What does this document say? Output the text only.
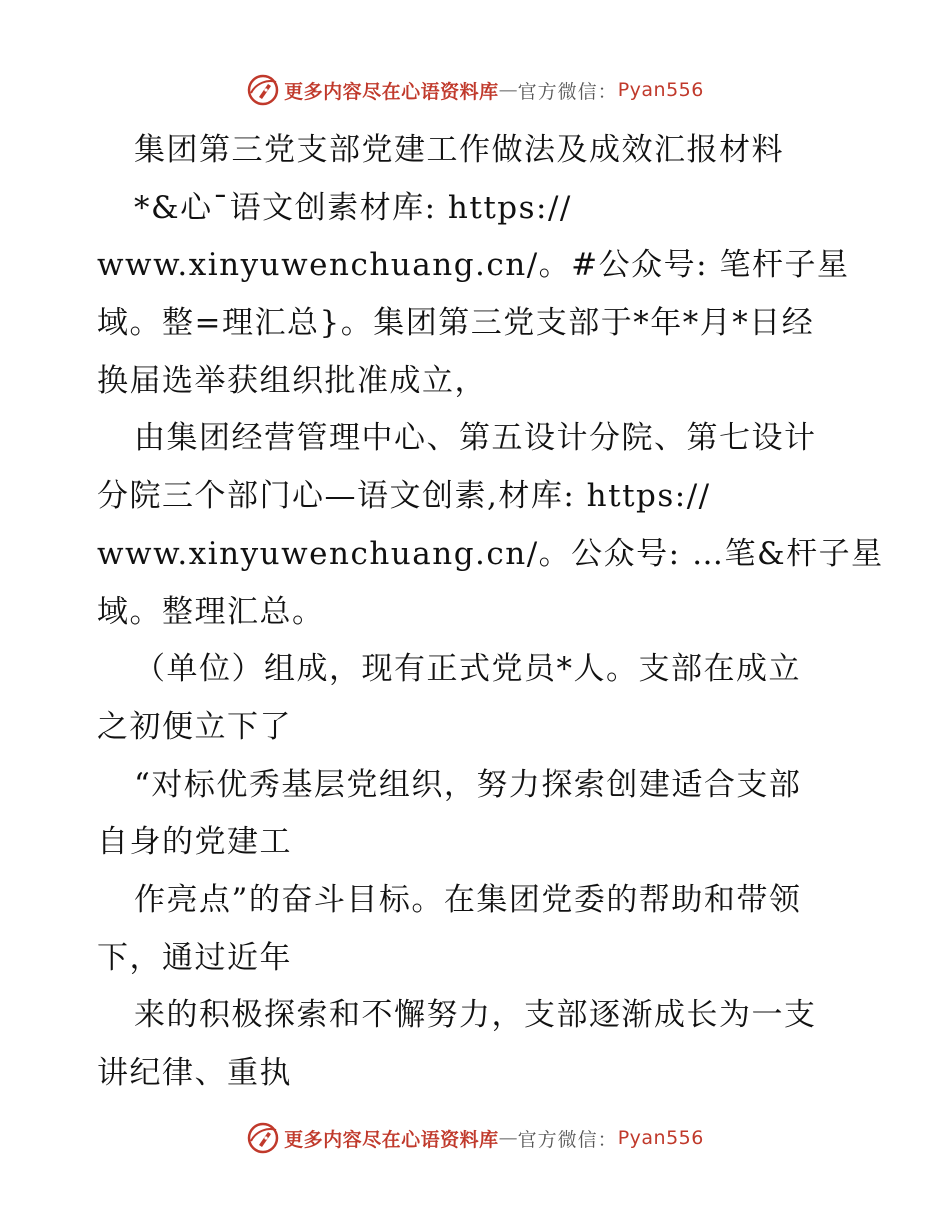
更多内容尽在心语资料库 — 官方微信： Pyan556
集团第三党支部党建工作做法及成效汇报材料
*&心¯语文创素材库: https://
www.xinyuwenchuang.cn/。#公众号: 笔杆子星
域。整=理汇总}。集团第三党支部于*年*月*日经
换届选举获组织批准成立，
由集团经营管理中心、第五设计分院、第七设计
分院三个部门心—语文创素,材库: https://
www.xinyuwenchuang.cn/。公众号: …笔&杆子星
域。整理汇总。
（单位）组成，现有正式党员*人。支部在成立
之初便立下了
“对标优秀基层党组织，努力探索创建适合支部
自身的党建工
作亮点”的奋斗目标。在集团党委的帮助和带领
下，通过近年
来的积极探索和不懈努力，支部逐渐成长为一支
讲纪律、重执
更多内容尽在心语资料库 — 官方微信： Pyan556
